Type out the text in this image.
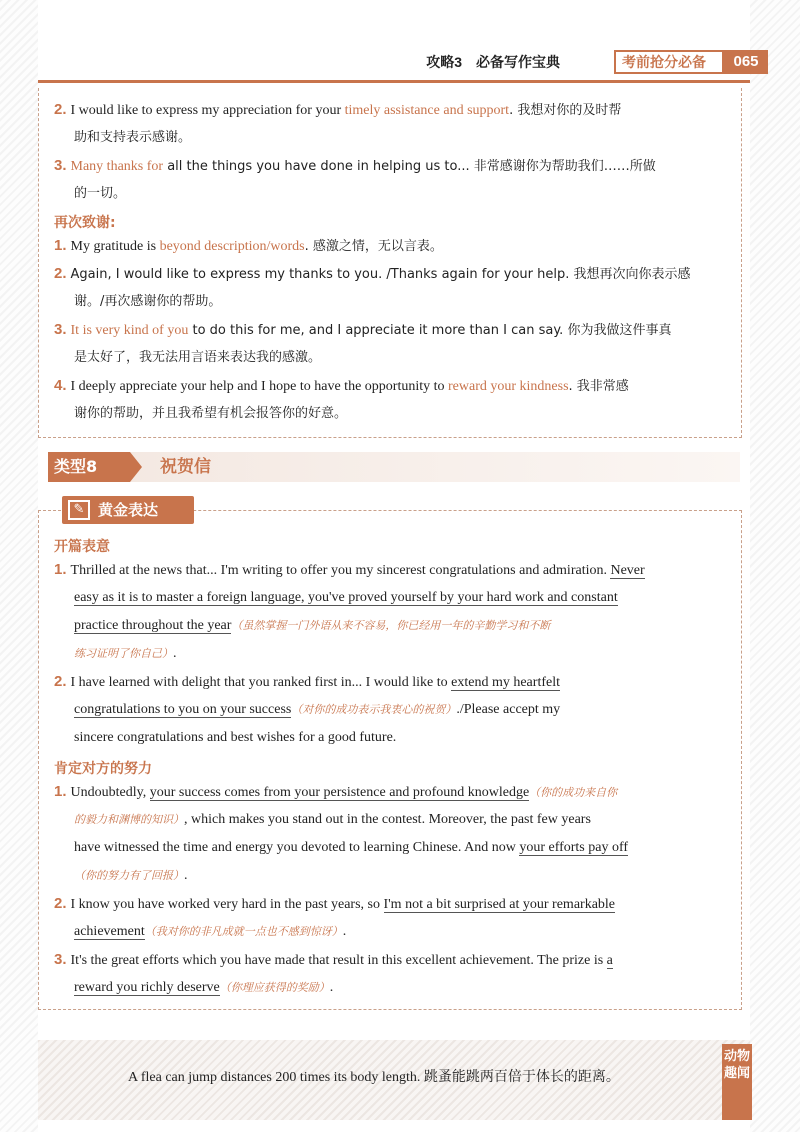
攻略3　必备写作宝典	考前抢分必备	065
2. I would like to express my appreciation for your timely assistance and support. 我想对你的及时帮
助和支持表示感谢。
3. Many thanks for all the things you have done in helping us to... 非常感谢你为帮助我们……所做
的一切。
再次致谢:
1. My gratitude is beyond description/words. 感激之情，无以言表。
2. Again, I would like to express my thanks to you. /Thanks again for your help. 我想再次向你表示感
谢。/再次感谢你的帮助。
3. It is very kind of you to do this for me, and I appreciate it more than I can say. 你为我做这件事真
是太好了，我无法用言语来表达我的感激。
4. I deeply appreciate your help and I hope to have the opportunity to reward your kindness. 我非常感
谢你的帮助，并且我希望有机会报答你的好意。
类型8	祝贺信
✎ 黄金表达
开篇表意
1. Thrilled at the news that... I'm writing to offer you my sincerest congratulations and admiration. Never
easy as it is to master a foreign language, you've proved yourself by your hard work and constant
practice throughout the year（虽然掌握一门外语从来不容易，你已经用一年的辛勤学习和不断
练习证明了你自己）.
2. I have learned with delight that you ranked first in... I would like to extend my heartfelt
congratulations to you on your success（对你的成功表示我衷心的祝贺）./Please accept my
sincere congratulations and best wishes for a good future.
肯定对方的努力
1. Undoubtedly, your success comes from your persistence and profound knowledge（你的成功来自你
的毅力和渊博的知识）, which makes you stand out in the contest. Moreover, the past few years
have witnessed the time and energy you devoted to learning Chinese. And now your efforts pay off
（你的努力有了回报）.
2. I know you have worked very hard in the past years, so I'm not a bit surprised at your remarkable
achievement（我对你的非凡成就一点也不感到惊讶）.
3. It's the great efforts which you have made that result in this excellent achievement. The prize is a
reward you richly deserve（你理应获得的奖励）.
A flea can jump distances 200 times its body length. 跳蚤能跳两百倍于体长的距离。
动物趣闻
